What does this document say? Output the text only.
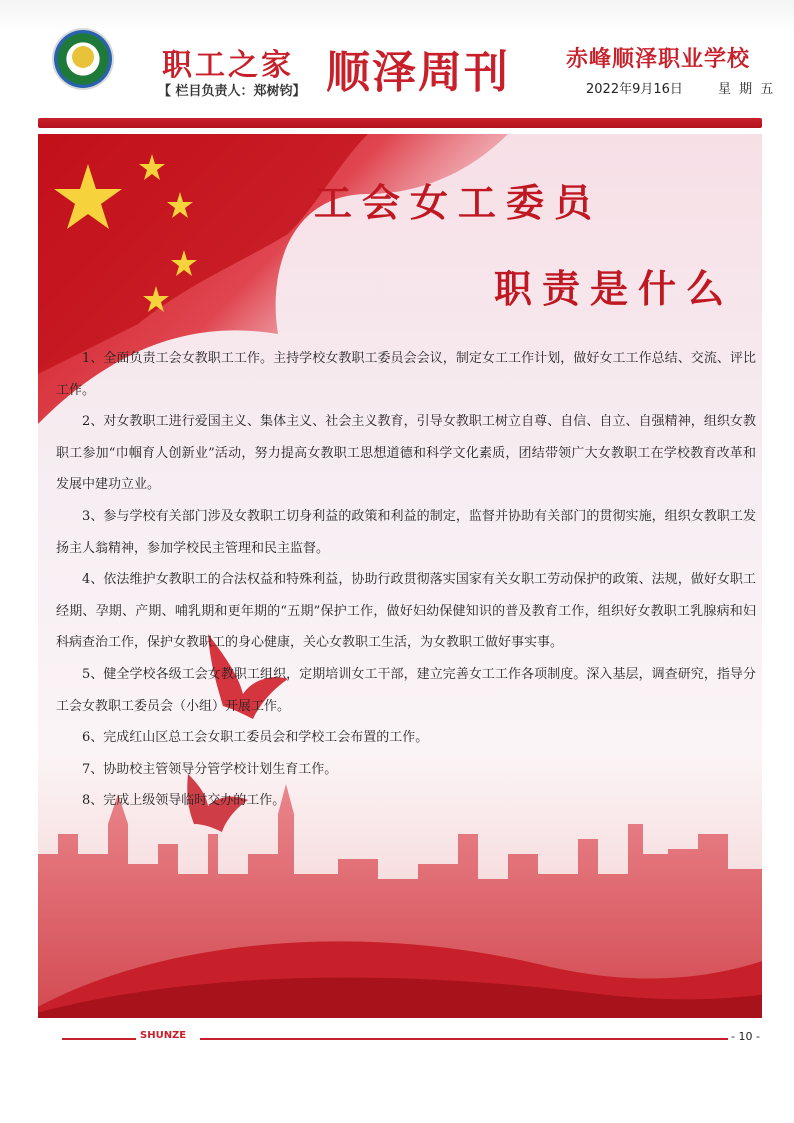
职工之家
【 栏目负责人：郑树钧】 顺泽周刊	赤峰顺泽职业学校
2022年9月16日	星 期 五
工会女工委员
职责是什么

1、全面负责工会女教职工工作。主持学校女教职工委员会会议，制定女工工作计划，做好女工工作总结、交流、评比工作。

2、对女教职工进行爱国主义、集体主义、社会主义教育，引导女教职工树立自尊、自信、自立、自强精神，组织女教职工参加“巾帼育人创新业”活动，努力提高女教职工思想道德和科学文化素质，团结带领广大女教职工在学校教育改革和发展中建功立业。

3、参与学校有关部门涉及女教职工切身利益的政策和利益的制定，监督并协助有关部门的贯彻实施，组织女教职工发扬主人翁精神，参加学校民主管理和民主监督。

4、依法维护女教职工的合法权益和特殊利益，协助行政贯彻落实国家有关女职工劳动保护的政策、法规，做好女职工经期、孕期、产期、哺乳期和更年期的“五期”保护工作，做好妇幼保健知识的普及教育工作，组织好女教职工乳腺病和妇科病查治工作，保护女教职工的身心健康，关心女教职工生活，为女教职工做好事实事。

5、健全学校各级工会女教职工组织，定期培训女工干部，建立完善女工工作各项制度。深入基层，调查研究，指导分工会女教职工委员会（小组）开展工作。

6、完成红山区总工会女职工委员会和学校工会布置的工作。

7、协助校主管领导分管学校计划生育工作。

8、完成上级领导临时交办的工作。

SHUNZE	- 10 -
